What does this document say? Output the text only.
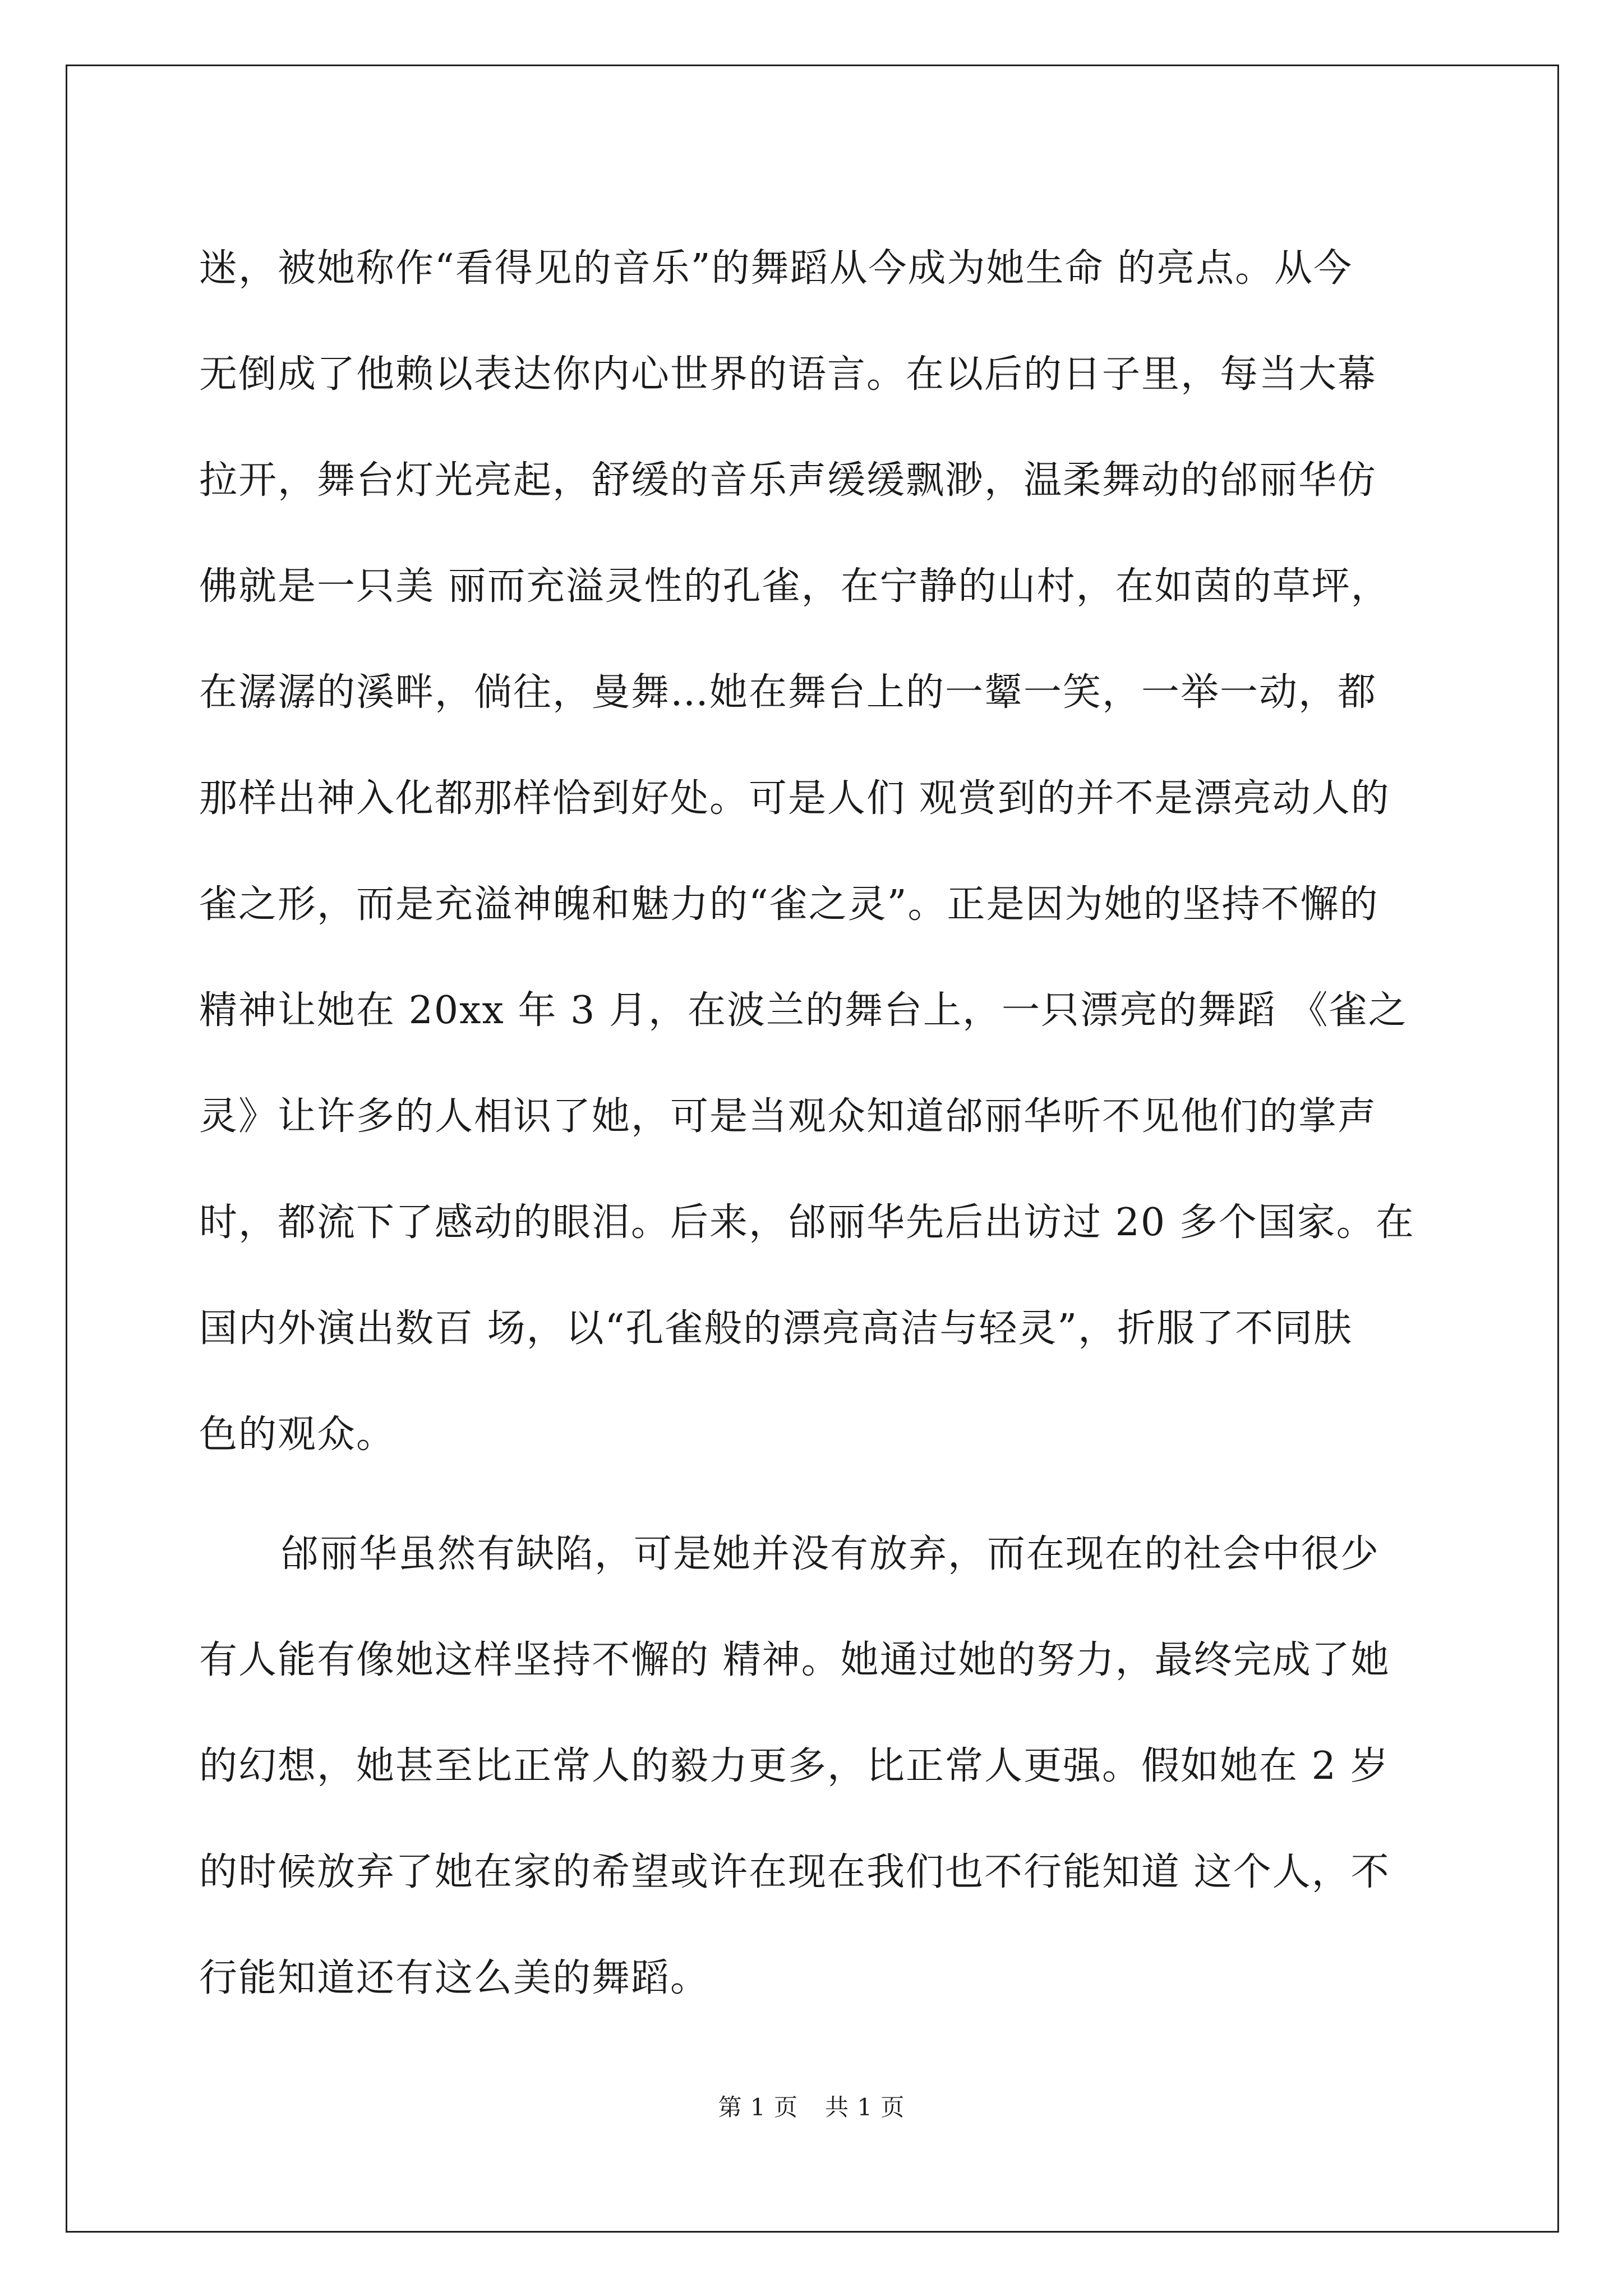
迷，被她称作“看得见的音乐”的舞蹈从今成为她生命 的亮点。从今
无倒成了他赖以表达你内心世界的语言。在以后的日子里，每当大幕
拉开，舞台灯光亮起，舒缓的音乐声缓缓飘渺，温柔舞动的邰丽华仿
佛就是一只美 丽而充溢灵性的孔雀，在宁静的山村，在如茵的草坪，
在潺潺的溪畔，倘往，曼舞…她在舞台上的一颦一笑，一举一动，都
那样出神入化都那样恰到好处。可是人们 观赏到的并不是漂亮动人的
雀之形，而是充溢神魄和魅力的“雀之灵”。正是因为她的坚持不懈的
精神让她在 20xx 年 3 月，在波兰的舞台上，一只漂亮的舞蹈 《雀之
灵》让许多的人相识了她，可是当观众知道邰丽华听不见他们的掌声
时，都流下了感动的眼泪。后来，邰丽华先后出访过 20 多个国家。在
国内外演出数百 场，以“孔雀般的漂亮高洁与轻灵”，折服了不同肤
色的观众。
邰丽华虽然有缺陷，可是她并没有放弃，而在现在的社会中很少
有人能有像她这样坚持不懈的 精神。她通过她的努力，最终完成了她
的幻想，她甚至比正常人的毅力更多，比正常人更强。假如她在 2 岁
的时候放弃了她在家的希望或许在现在我们也不行能知道 这个人，不
行能知道还有这么美的舞蹈。
第 1 页 共 1 页
